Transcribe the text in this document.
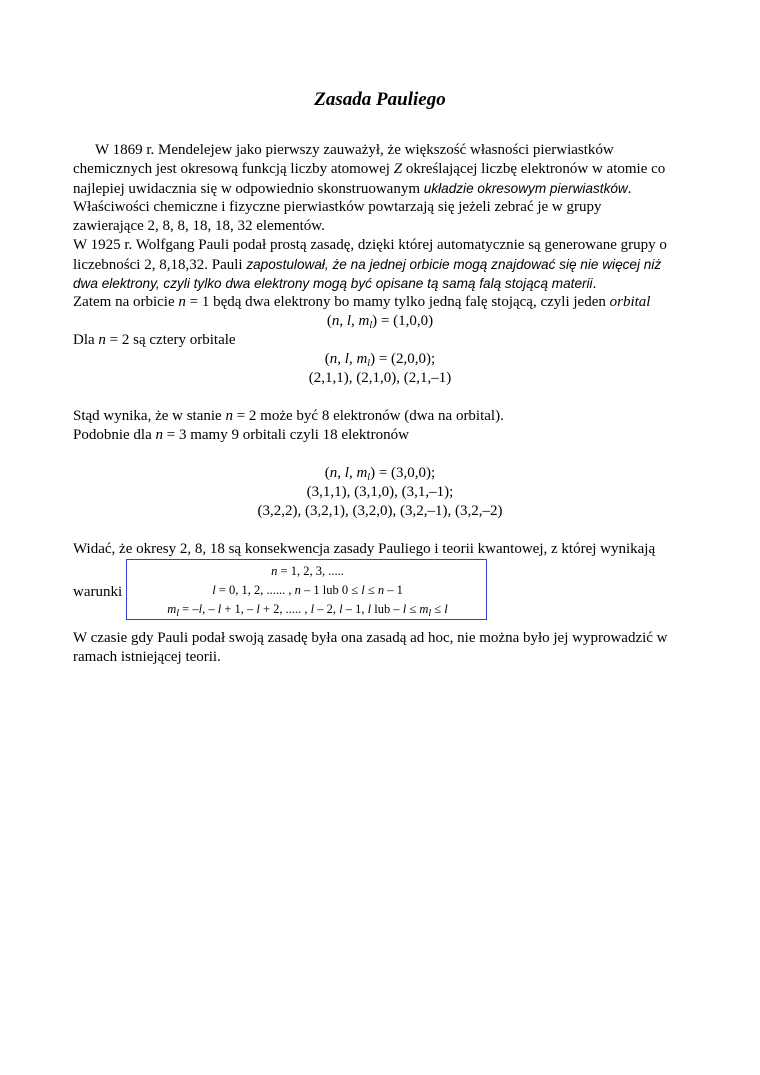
Zasada Pauliego
W 1869 r. Mendelejew jako pierwszy zauważył, że większość własności pierwiastków
chemicznych jest okresową funkcją liczby atomowej Z określającej liczbę elektronów w atomie co
najlepiej uwidacznia się w odpowiednio skonstruowanym układzie okresowym pierwiastków.
Właściwości chemiczne i fizyczne pierwiastków powtarzają się jeżeli zebrać je w grupy
zawierające 2, 8, 8, 18, 18, 32 elementów.
W 1925 r. Wolfgang Pauli podał prostą zasadę, dzięki której automatycznie są generowane grupy o
liczebności 2, 8,18,32. Pauli zapostulował, że na jednej orbicie mogą znajdować się nie więcej niż
dwa elektrony, czyli tylko dwa elektrony mogą być opisane tą samą falą stojącą materii.
Zatem na orbicie n = 1 będą dwa elektrony bo mamy tylko jedną falę stojącą, czyli jeden orbital
(n, l, $m_l) = (1,0,0)$
Dla n = 2 są cztery orbitale
(n, l, $m_l) = (2,0,0)$;
(2,1,1), (2,1,0), (2,1,–1)
Stąd wynika, że w stanie n = 2 może być 8 elektronów (dwa na orbital).
Podobnie dla n = 3 mamy 9 orbitali czyli 18 elektronów
(n, l, $m_l) = (3,0,0)$;
(3,1,1), (3,1,0), (3,1,–1);
(3,2,2), (3,2,1), (3,2,0), (3,2,–1), (3,2,–2)
Widać, że okresy 2, 8, 18 są konsekwencja zasady Pauliego i teorii kwantowej, z której wynikają
warunki
n = 1, 2, 3, .....
l = 0, 1, 2, ...... , n – 1 lub 0 ≤ l ≤ n – 1
$m_l = -l$, – l + 1, – l + 2, ..... , l – 2, l – 1, l lub – $l \le m_l \le l$
W czasie gdy Pauli podał swoją zasadę była ona zasadą ad hoc, nie można było jej wyprowadzić w
ramach istniejącej teorii.
